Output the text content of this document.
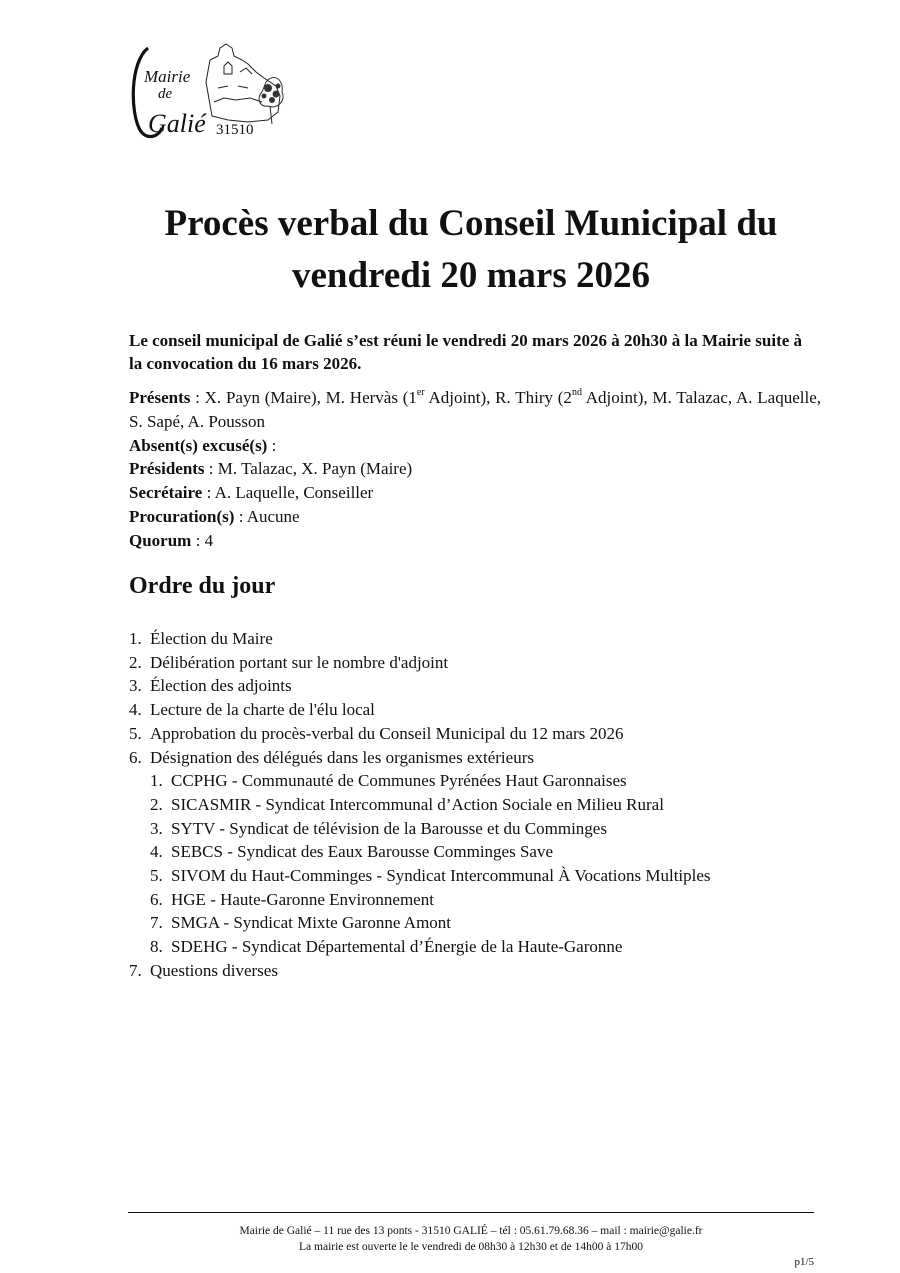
Mairie
de
Galié 31510
Procès verbal du Conseil Municipal du
vendredi 20 mars 2026

Le conseil municipal de Galié s’est réuni le vendredi 20 mars 2026 à 20h30 à la Mairie suite à la convocation du 16 mars 2026.

Présents : X. Payn (Maire), M. Hervàs (1er Adjoint), R. Thiry (2nd Adjoint), M. Talazac, A. Laquelle, S. Sapé, A. Pousson

Absent(s) excusé(s) :

Présidents : M. Talazac, X. Payn (Maire)

Secrétaire : A. Laquelle, Conseiller

Procuration(s) : Aucune

Quorum : 4

Ordre du jour
1. Élection du Maire
2. Délibération portant sur le nombre d'adjoint
3. Élection des adjoints
4. Lecture de la charte de l'élu local
5. Approbation du procès-verbal du Conseil Municipal du 12 mars 2026
6. Désignation des délégués dans les organismes extérieurs
1. CCPHG - Communauté de Communes Pyrénées Haut Garonnaises
2. SICASMIR - Syndicat Intercommunal d’Action Sociale en Milieu Rural
3. SYTV - Syndicat de télévision de la Barousse et du Comminges
4. SEBCS - Syndicat des Eaux Barousse Comminges Save
5. SIVOM du Haut-Comminges - Syndicat Intercommunal À Vocations Multiples
6. HGE - Haute-Garonne Environnement
7. SMGA - Syndicat Mixte Garonne Amont
8. SDEHG - Syndicat Départemental d’Énergie de la Haute-Garonne
7. Questions diverses
Mairie de Galié – 11 rue des 13 ponts - 31510 GALIÉ – tél : 05.61.79.68.36 – mail : mairie@galie.fr
La mairie est ouverte le le vendredi de 08h30 à 12h30 et de 14h00 à 17h00
p1/5
